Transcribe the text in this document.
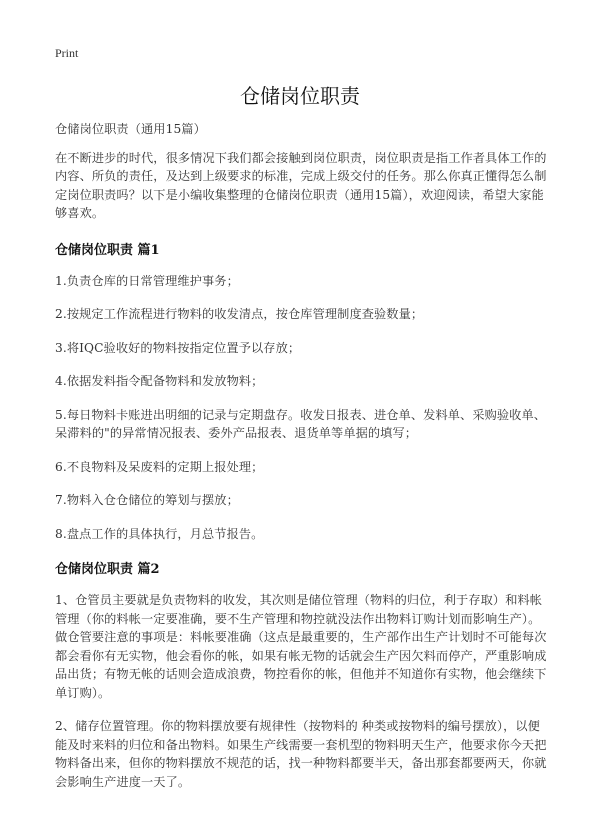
Print
仓储岗位职责

仓储岗位职责（通用15篇）

在不断进步的时代，很多情况下我们都会接触到岗位职责，岗位职责是指工作者具体工作的内容、所负的责任，及达到上级要求的标准，完成上级交付的任务。那么你真正懂得怎么制定岗位职责吗？以下是小编收集整理的仓储岗位职责（通用15篇），欢迎阅读，希望大家能够喜欢。

仓储岗位职责 篇1

1.负责仓库的日常管理维护事务；

2.按规定工作流程进行物料的收发清点，按仓库管理制度查验数量；

3.将IQC验收好的物料按指定位置予以存放；

4.依据发料指令配备物料和发放物料；

5.每日物料卡账进出明细的记录与定期盘存。收发日报表、进仓单、发料单、采购验收单、呆滞料的"的异常情况报表、委外产品报表、退货单等单据的填写；

6.不良物料及呆废料的定期上报处理；

7.物料入仓仓储位的筹划与摆放；

8.盘点工作的具体执行，月总节报告。

仓储岗位职责 篇2

1、仓管员主要就是负责物料的收发，其次则是储位管理（物料的归位，利于存取）和料帐管理（你的料帐一定要准确，要不生产管理和物控就没法作出物料订购计划而影响生产）。做仓管要注意的事项是：料帐要准确（这点是最重要的，生产部作出生产计划时不可能每次都会看你有无实物，他会看你的帐，如果有帐无物的话就会生产因欠料而停产，严重影响成品出货；有物无帐的话则会造成浪费，物控看你的帐，但他并不知道你有实物，他会继续下单订购）。

2、储存位置管理。你的物料摆放要有规律性（按物料的 种类或按物料的编号摆放），以便能及时来料的归位和备出物料。如果生产线需要一套机型的物料明天生产，他要求你今天把物料备出来，但你的物料摆放不规范的话，找一种物料都要半天，备出那套都要两天，你就会影响生产进度一天了。
